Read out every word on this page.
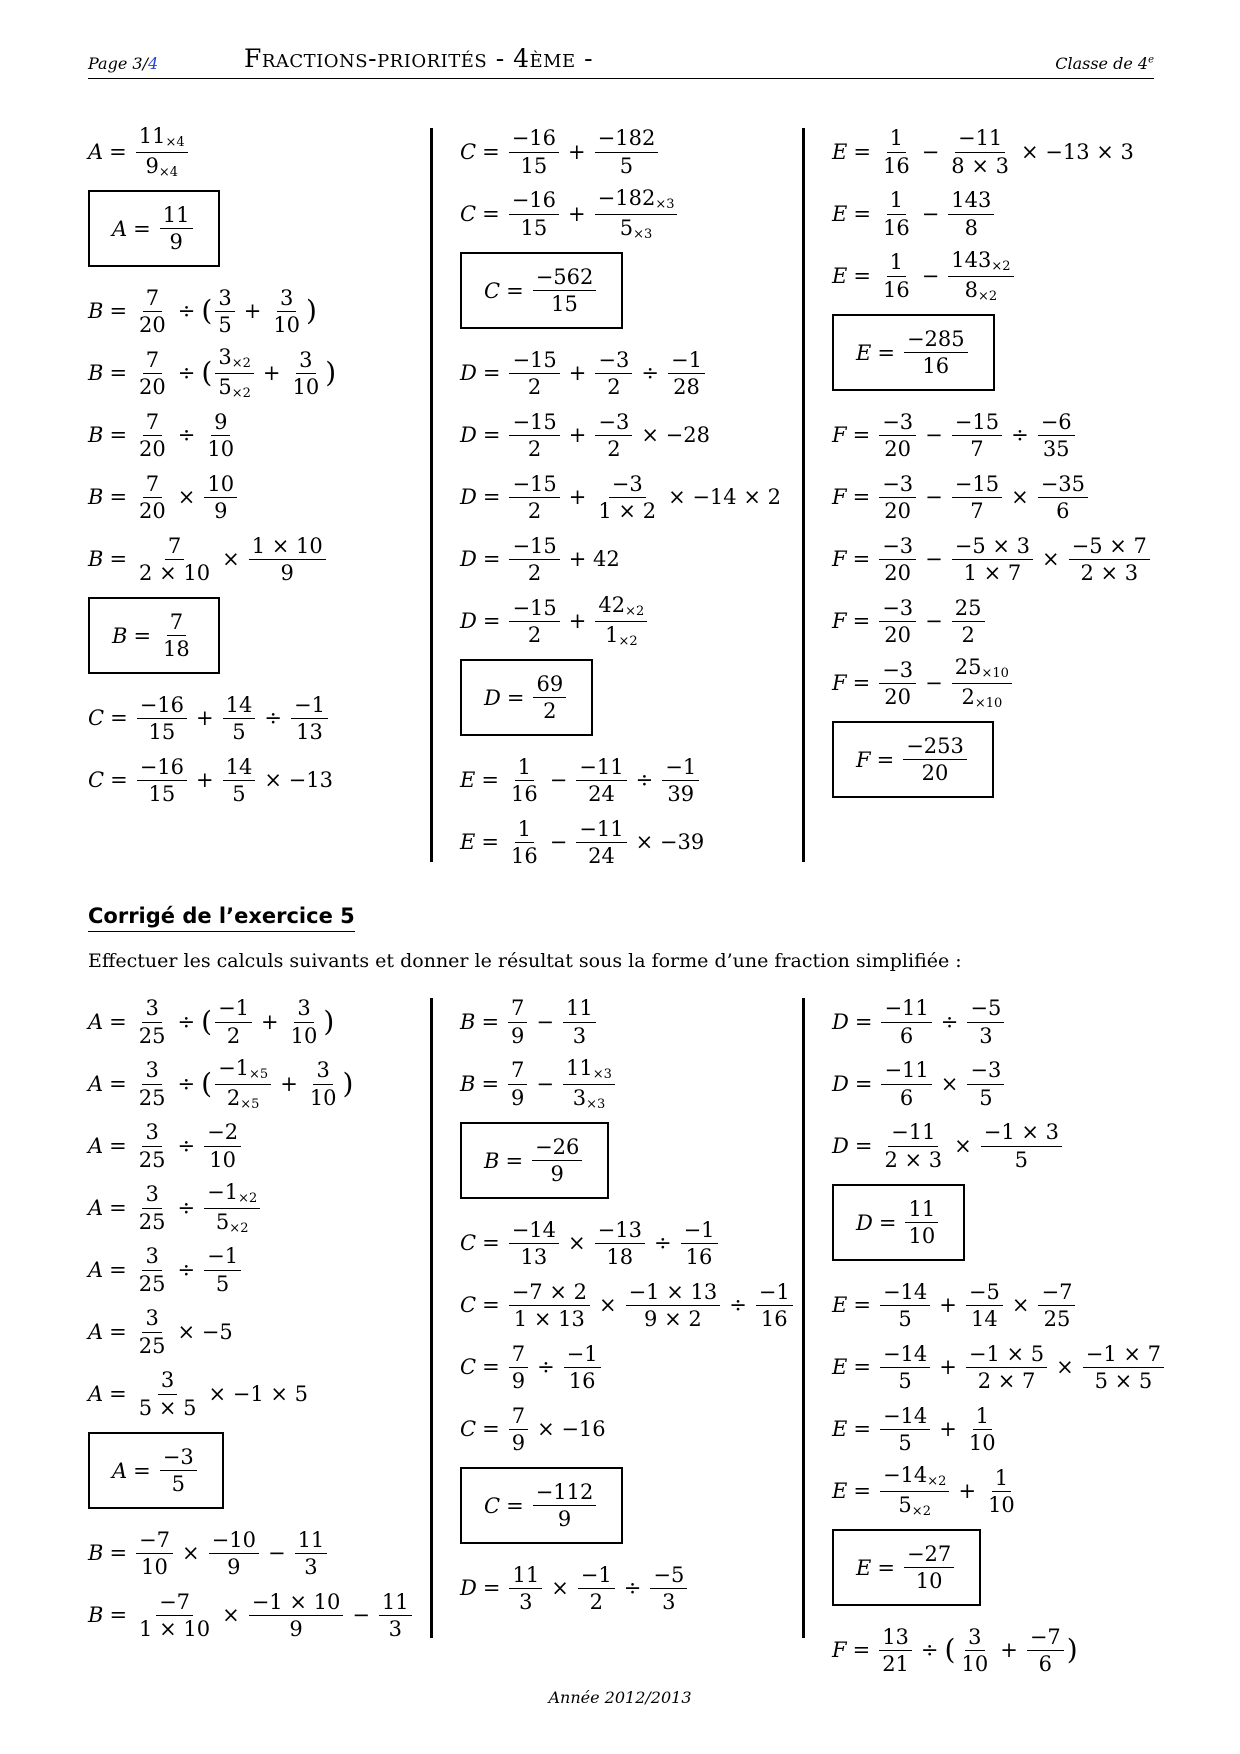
Page 3/4	Fractions-priorités - 4ème -	Classe de 4e
$A = \frac{11_{\times 4}}{9_{\times 4}}$
$A = \frac{11}{9}$
$B = \frac{7}{20}$ ÷ ( $\frac{3}{5} + \frac{3}{10}$ )
$B = \frac{7}{20}$ ÷ ( $\frac{3_{\times 2}}{5_{\times 2}} + \frac{3}{10}$ )
$B = \frac{7}{20} \div \frac{9}{10}$
$B = \frac{7}{20} \times \frac{10}{9}$
$B = \frac{7}{2 \times 10} \times \frac{1 \times 10}{9}$
$B = \frac{7}{18}$
$C = \frac{-16}{15} + \frac{14}{5} \div \frac{-1}{13}$
$C = \frac{-16}{15} + \frac{14}{5} \times -13$
$C = \frac{-16}{15} + \frac{-182}{5}$
$C = \frac{-16}{15} + \frac{-182_{\times 3}}{5_{\times 3}}$
$C = \frac{-562}{15}$
$D = \frac{-15}{2} + \frac{-3}{2} \div \frac{-1}{28}$
$D = \frac{-15}{2} + \frac{-3}{2} \times -28$
$D = \frac{-15}{2} + \frac{-3}{1 \times 2} \times -14 \times 2$
$D = \frac{-15}{2} + 42$
$D = \frac{-15}{2} + \frac{42_{\times 2}}{1_{\times 2}}$
$D = \frac{69}{2}$
$E = \frac{1}{16} - \frac{-11}{24} \div \frac{-1}{39}$
$E = \frac{1}{16} - \frac{-11}{24} \times -39$
$E = \frac{1}{16} - \frac{-11}{8 \times 3} \times -13 \times 3$
$E = \frac{1}{16} - \frac{143}{8}$
$E = \frac{1}{16} - \frac{143_{\times 2}}{8_{\times 2}}$
$E = \frac{-285}{16}$
$F = \frac{-3}{20} - \frac{-15}{7} \div \frac{-6}{35}$
$F = \frac{-3}{20} - \frac{-15}{7} \times \frac{-35}{6}$
$F = \frac{-3}{20} - \frac{-5 \times 3}{1 \times 7} \times \frac{-5 \times 7}{2 \times 3}$
$F = \frac{-3}{20} - \frac{25}{2}$
$F = \frac{-3}{20} - \frac{25_{\times 10}}{2_{\times 10}}$
$F = \frac{-253}{20}$
Corrigé de l’exercice 5
Effectuer les calculs suivants et donner le résultat sous la forme d’une fraction simplifiée :
$A = \frac{3}{25}$ ÷ ( $\frac{-1}{2} + \frac{3}{10}$ )
$A = \frac{3}{25}$ ÷ ( $\frac{-1_{\times 5}}{2_{\times 5}} + \frac{3}{10}$ )
$A = \frac{3}{25} \div \frac{-2}{10}$
$A = \frac{3}{25} \div \frac{-1_{\times 2}}{5_{\times 2}}$
$A = \frac{3}{25} \div \frac{-1}{5}$
$A = \frac{3}{25} \times -5$
$A = \frac{3}{5 \times 5} \times -1 \times 5$
$A = \frac{-3}{5}$
$B = \frac{-7}{10} \times \frac{-10}{9} - \frac{11}{3}$
$B = \frac{-7}{1 \times 10} \times \frac{-1 \times 10}{9} - \frac{11}{3}$
$B = \frac{7}{9} - \frac{11}{3}$
$B = \frac{7}{9} - \frac{11_{\times 3}}{3_{\times 3}}$
$B = \frac{-26}{9}$
$C = \frac{-14}{13} \times \frac{-13}{18} \div \frac{-1}{16}$
$C = \frac{-7 \times 2}{1 \times 13} \times \frac{-1 \times 13}{9 \times 2} \div \frac{-1}{16}$
$C = \frac{7}{9} \div \frac{-1}{16}$
$C = \frac{7}{9} \times -16$
$C = \frac{-112}{9}$
$D = \frac{11}{3} \times \frac{-1}{2} \div \frac{-5}{3}$
$D = \frac{-11}{6} \div \frac{-5}{3}$
$D = \frac{-11}{6} \times \frac{-3}{5}$
$D = \frac{-11}{2 \times 3} \times \frac{-1 \times 3}{5}$
$D = \frac{11}{10}$
$E = \frac{-14}{5} + \frac{-5}{14} \times \frac{-7}{25}$
$E = \frac{-14}{5} + \frac{-1 \times 5}{2 \times 7} \times \frac{-1 \times 7}{5 \times 5}$
$E = \frac{-14}{5} + \frac{1}{10}$
$E = \frac{-14_{\times 2}}{5_{\times 2}} + \frac{1}{10}$
$E = \frac{-27}{10}$
$F = \frac{13}{21}$ ÷ ( $\frac{3}{10} + \frac{-7}{6}$ )
Année 2012/2013
